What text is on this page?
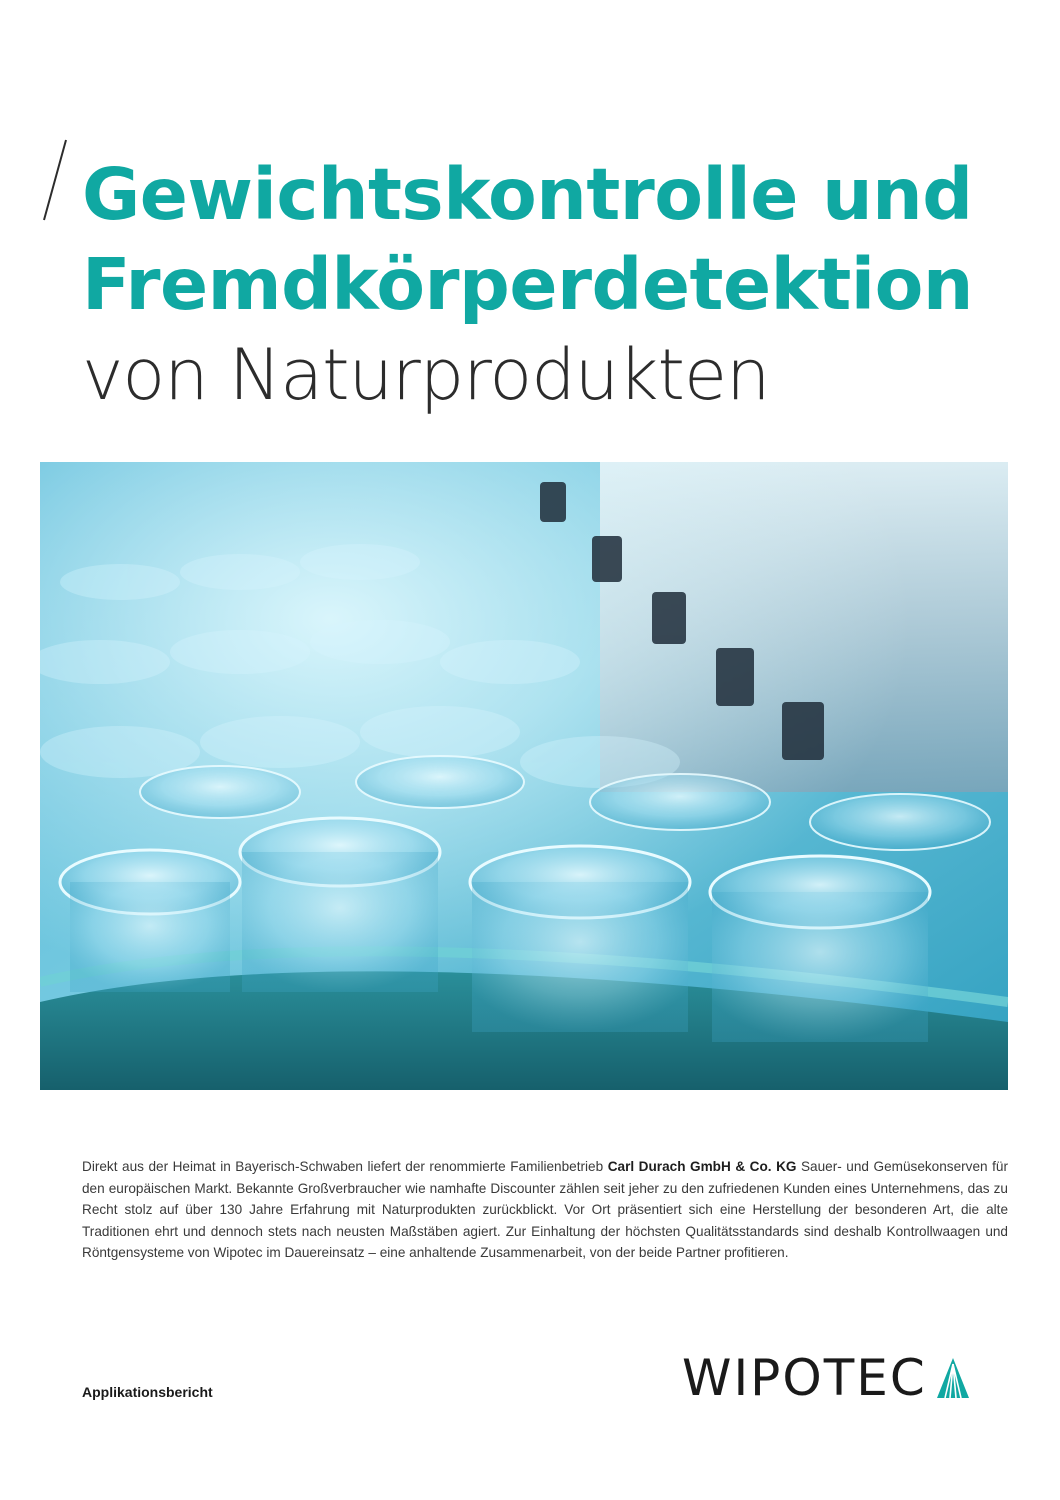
Gewichtskontrolle und
Fremdkörperdetektion
von Naturprodukten
Direkt aus der Heimat in Bayerisch-Schwaben liefert der renommierte Familienbetrieb Carl Durach GmbH & Co. KG Sauer- und Gemüsekonserven für den europäischen Markt. Bekannte Großverbraucher wie namhafte Discounter zählen seit jeher zu den zufriedenen Kunden eines Unternehmens, das zu Recht stolz auf über 130 Jahre Erfahrung mit Naturprodukten zurückblickt. Vor Ort präsentiert sich eine Herstellung der besonderen Art, die alte Traditionen ehrt und dennoch stets nach neusten Maßstäben agiert. Zur Einhaltung der höchsten Qualitätsstandards sind deshalb Kontrollwaagen und Röntgensysteme von Wipotec im Dauereinsatz – eine anhaltende Zusammenarbeit, von der beide Partner profitieren.
Applikationsbericht	WIPOTEC
